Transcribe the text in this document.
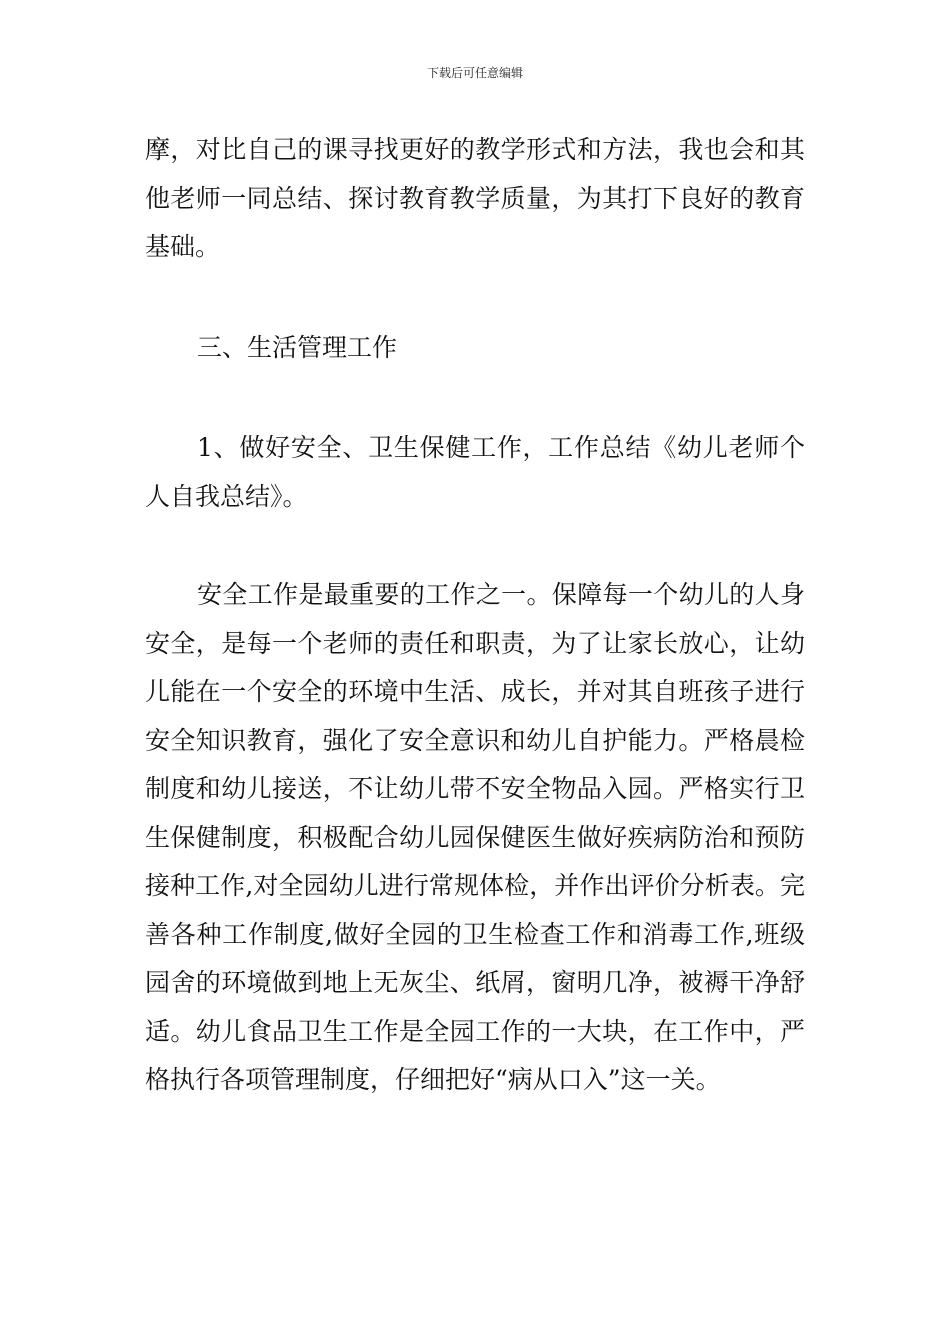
下载后可任意编辑

摩，对比自己的课寻找更好的教学形式和方法，我也会和其他老师一同总结、探讨教育教学质量，为其打下良好的教育基础。

三、生活管理工作

1、做好安全、卫生保健工作，工作总结《幼儿老师个人自我总结》。

安全工作是最重要的工作之一。保障每一个幼儿的人身安全，是每一个老师的责任和职责，为了让家长放心，让幼儿能在一个安全的环境中生活、成长，并对其自班孩子进行安全知识教育，强化了安全意识和幼儿自护能力。严格晨检制度和幼儿接送，不让幼儿带不安全物品入园。严格实行卫生保健制度，积极配合幼儿园保健医生做好疾病防治和预防接种工作,对全园幼儿进行常规体检，并作出评价分析表。完善各种工作制度,做好全园的卫生检查工作和消毒工作,班级园舍的环境做到地上无灰尘、纸屑，窗明几净，被褥干净舒适。幼儿食品卫生工作是全园工作的一大块，在工作中，严格执行各项管理制度，仔细把好“病从口入”这一关。
